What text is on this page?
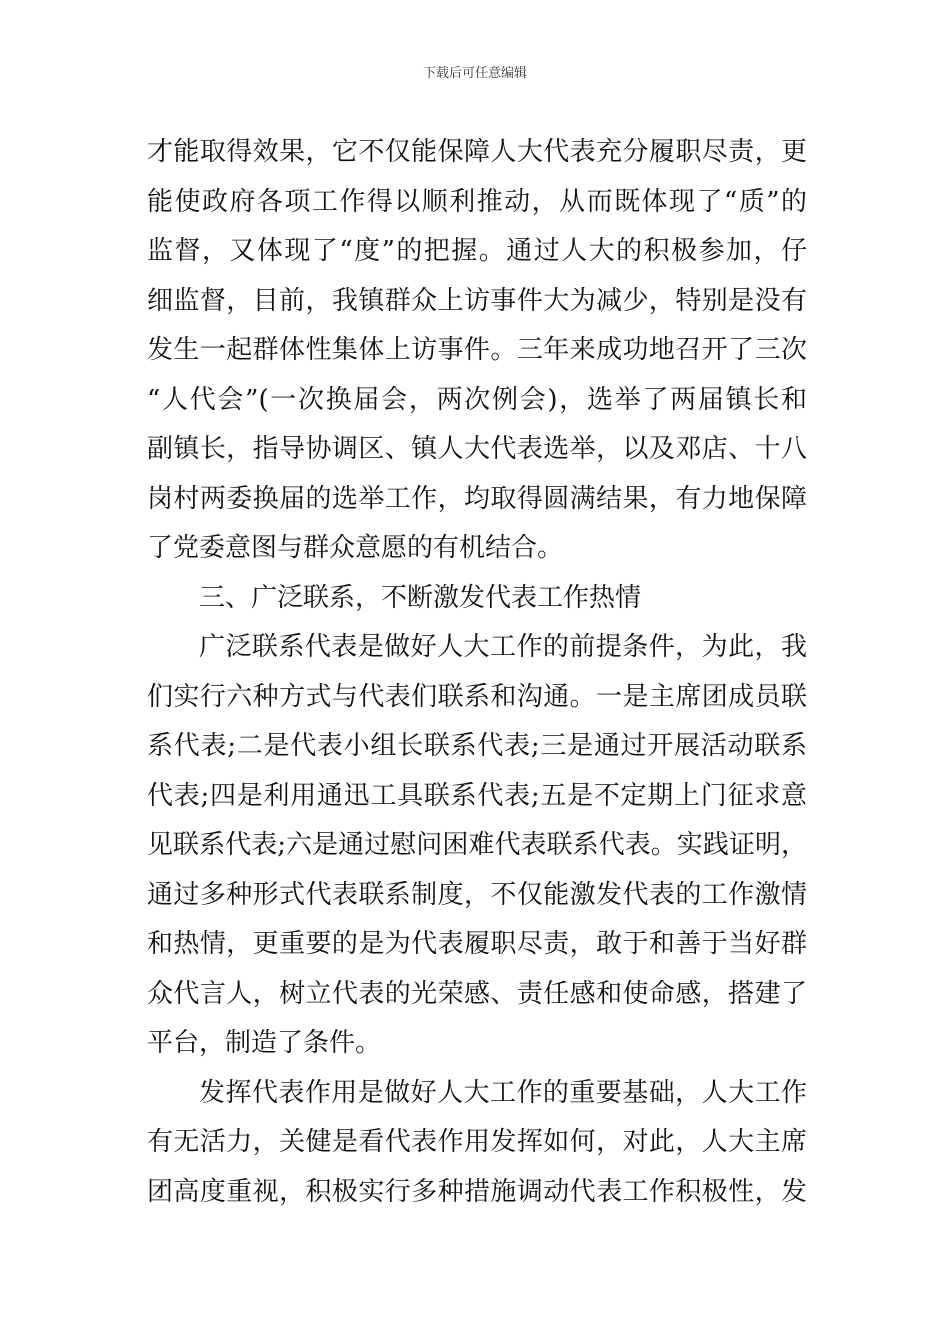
下载后可任意编辑
才能取得效果，它不仅能保障人大代表充分履职尽责，更
能使政府各项工作得以顺利推动，从而既体现了“质”的
监督，又体现了“度”的把握。通过人大的积极参加，仔
细监督，目前，我镇群众上访事件大为减少，特别是没有
发生一起群体性集体上访事件。三年来成功地召开了三次
“人代会”(一次换届会，两次例会)，选举了两届镇长和
副镇长，指导协调区、镇人大代表选举，以及邓店、十八
岗村两委换届的选举工作，均取得圆满结果，有力地保障
了党委意图与群众意愿的有机结合。
三、广泛联系，不断激发代表工作热情
广泛联系代表是做好人大工作的前提条件，为此，我
们实行六种方式与代表们联系和沟通。一是主席团成员联
系代表;二是代表小组长联系代表;三是通过开展活动联系
代表;四是利用通迅工具联系代表;五是不定期上门征求意
见联系代表;六是通过慰问困难代表联系代表。实践证明，
通过多种形式代表联系制度，不仅能激发代表的工作激情
和热情，更重要的是为代表履职尽责，敢于和善于当好群
众代言人，树立代表的光荣感、责任感和使命感，搭建了
平台，制造了条件。
发挥代表作用是做好人大工作的重要基础，人大工作
有无活力，关健是看代表作用发挥如何，对此，人大主席
团高度重视，积极实行多种措施调动代表工作积极性，发
